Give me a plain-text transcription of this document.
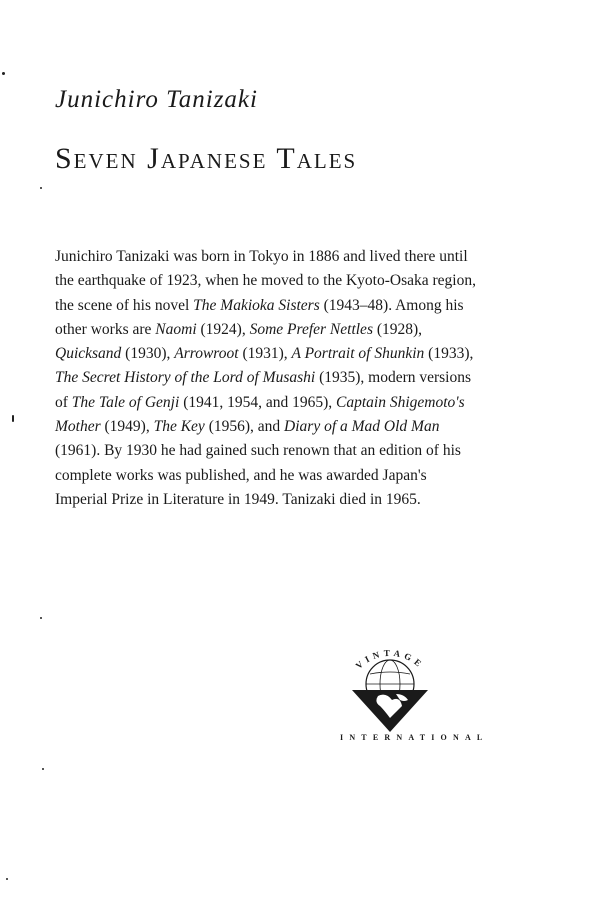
Junichiro Tanizaki
Seven Japanese Tales

Junichiro Tanizaki was born in Tokyo in 1886 and lived there until the earthquake of 1923, when he moved to the Kyoto-Osaka region, the scene of his novel The Makioka Sisters (1943–48). Among his other works are Naomi (1924), Some Prefer Nettles (1928), Quicksand (1930), Arrowroot (1931), A Portrait of Shunkin (1933), The Secret History of the Lord of Musashi (1935), modern versions of The Tale of Genji (1941, 1954, and 1965), Captain Shigemoto's Mother (1949), The Key (1956), and Diary of a Mad Old Man (1961). By 1930 he had gained such renown that an edition of his complete works was published, and he was awarded Japan's Imperial Prize in Literature in 1949. Tanizaki died in 1965.

VINTAGE
INTERNATIONAL
